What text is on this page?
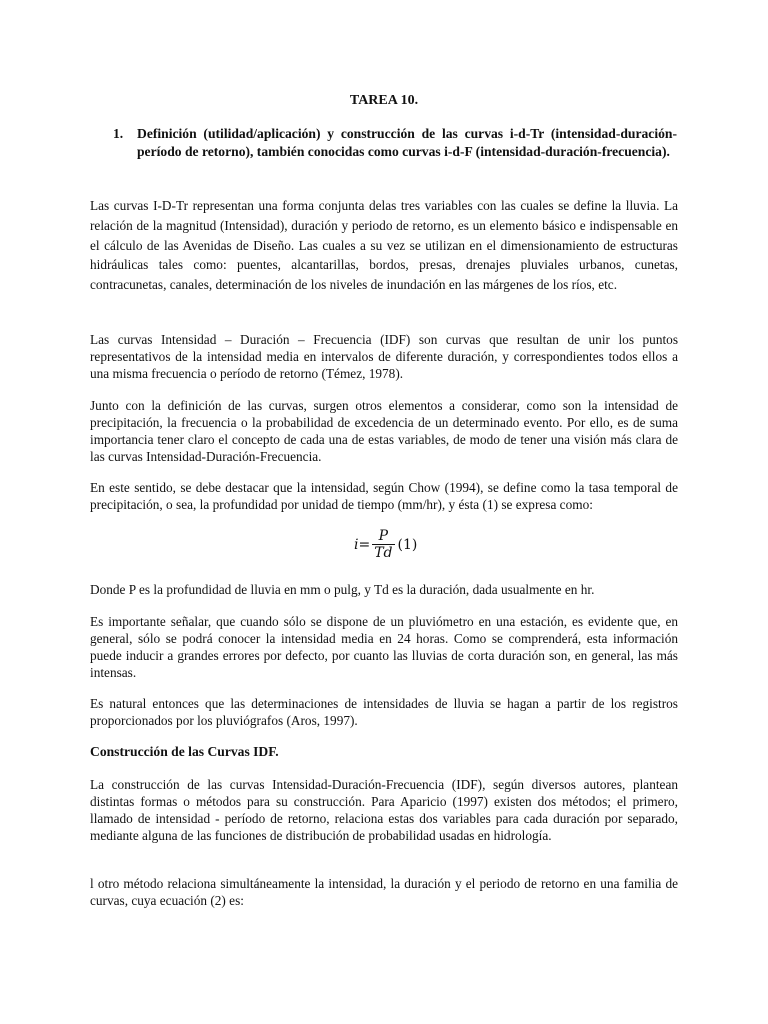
TAREA 10.
1. Definición (utilidad/aplicación) y construcción de las curvas i-d-Tr (intensidad-duración-período de retorno), también conocidas como curvas i-d-F (intensidad-duración-frecuencia).

Las curvas I-D-Tr representan una forma conjunta delas tres variables con las cuales se define la lluvia. La relación de la magnitud (Intensidad), duración y periodo de retorno, es un elemento básico e indispensable en el cálculo de las Avenidas de Diseño. Las cuales a su vez se utilizan en el dimensionamiento de estructuras hidráulicas tales como: puentes, alcantarillas, bordos, presas, drenajes pluviales urbanos, cunetas, contracunetas, canales, determinación de los niveles de inundación en las márgenes de los ríos, etc.

Las curvas Intensidad – Duración – Frecuencia (IDF) son curvas que resultan de unir los puntos representativos de la intensidad media en intervalos de diferente duración, y correspondientes todos ellos a una misma frecuencia o período de retorno (Témez, 1978).

Junto con la definición de las curvas, surgen otros elementos a considerar, como son la intensidad de precipitación, la frecuencia o la probabilidad de excedencia de un determinado evento. Por ello, es de suma importancia tener claro el concepto de cada una de estas variables, de modo de tener una visión más clara de las curvas Intensidad-Duración-Frecuencia.

En este sentido, se debe destacar que la intensidad, según Chow (1994), se define como la tasa temporal de precipitación, o sea, la profundidad por unidad de tiempo (mm/hr), y ésta (1) se expresa como:

$i = \frac{P}{Td} (1)$

Donde P es la profundidad de lluvia en mm o pulg, y Td es la duración, dada usualmente en hr.

Es importante señalar, que cuando sólo se dispone de un pluviómetro en una estación, es evidente que, en general, sólo se podrá conocer la intensidad media en 24 horas. Como se comprenderá, esta información puede inducir a grandes errores por defecto, por cuanto las lluvias de corta duración son, en general, las más intensas.

Es natural entonces que las determinaciones de intensidades de lluvia se hagan a partir de los registros proporcionados por los pluviógrafos (Aros, 1997).

Construcción de las Curvas IDF.

La construcción de las curvas Intensidad-Duración-Frecuencia (IDF), según diversos autores, plantean distintas formas o métodos para su construcción. Para Aparicio (1997) existen dos métodos; el primero, llamado de intensidad - período de retorno, relaciona estas dos variables para cada duración por separado, mediante alguna de las funciones de distribución de probabilidad usadas en hidrología.

l otro método relaciona simultáneamente la intensidad, la duración y el periodo de retorno en una familia de curvas, cuya ecuación (2) es:
